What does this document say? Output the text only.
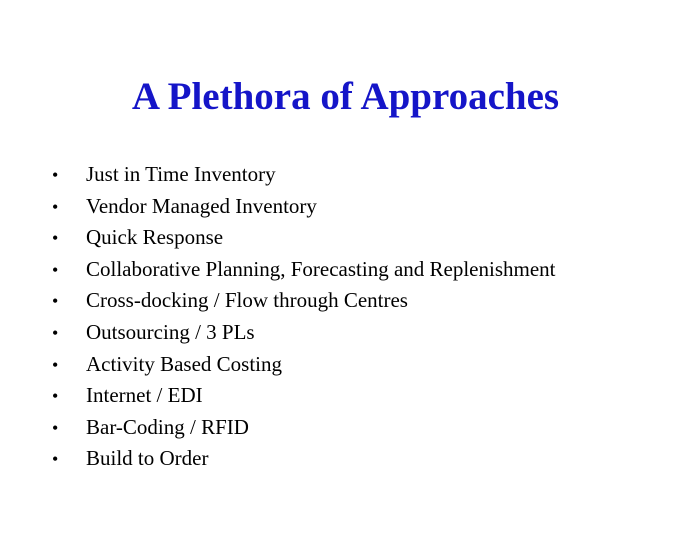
A Plethora of Approaches
•	Just in Time Inventory
•	Vendor Managed Inventory
•	Quick Response
•	Collaborative Planning, Forecasting and Replenishment
•	Cross-docking / Flow through Centres
•	Outsourcing / 3 PLs
•	Activity Based Costing
•	Internet / EDI
•	Bar-Coding / RFID
•	Build to Order
